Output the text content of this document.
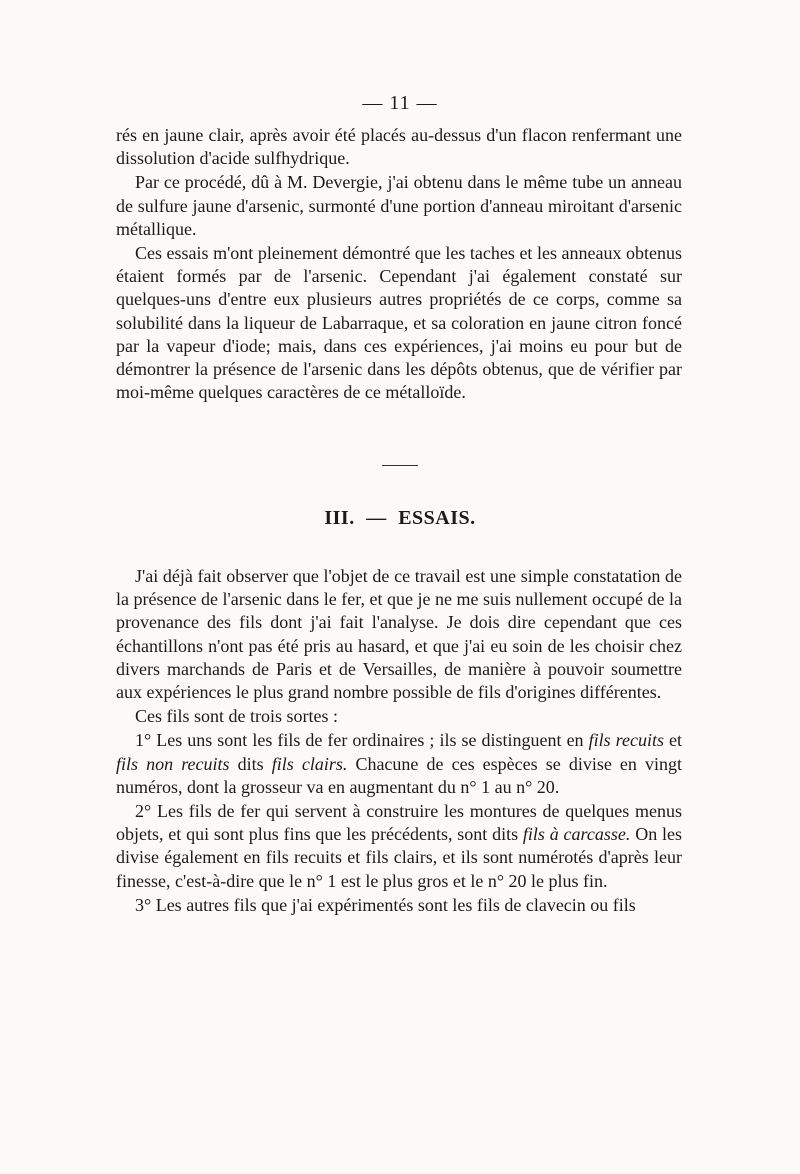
— 11 —

rés en jaune clair, après avoir été placés au-dessus d'un flacon renfermant une dissolution d'acide sulfhydrique.

Par ce procédé, dû à M. Devergie, j'ai obtenu dans le même tube un anneau de sulfure jaune d'arsenic, surmonté d'une portion d'anneau miroitant d'arsenic métallique.

Ces essais m'ont pleinement démontré que les taches et les anneaux obtenus étaient formés par de l'arsenic. Cependant j'ai également constaté sur quelques-uns d'entre eux plusieurs autres propriétés de ce corps, comme sa solubilité dans la liqueur de Labarraque, et sa coloration en jaune citron foncé par la vapeur d'iode; mais, dans ces expériences, j'ai moins eu pour but de démontrer la présence de l'arsenic dans les dépôts obtenus, que de vérifier par moi-même quelques caractères de ce métalloïde.

III. — ESSAIS.

J'ai déjà fait observer que l'objet de ce travail est une simple constatation de la présence de l'arsenic dans le fer, et que je ne me suis nullement occupé de la provenance des fils dont j'ai fait l'analyse. Je dois dire cependant que ces échantillons n'ont pas été pris au hasard, et que j'ai eu soin de les choisir chez divers marchands de Paris et de Versailles, de manière à pouvoir soumettre aux expériences le plus grand nombre possible de fils d'origines différentes.

Ces fils sont de trois sortes :

1° Les uns sont les fils de fer ordinaires ; ils se distinguent en fils recuits et fils non recuits dits fils clairs. Chacune de ces espèces se divise en vingt numéros, dont la grosseur va en augmentant du n° 1 au n° 20.

2° Les fils de fer qui servent à construire les montures de quelques menus objets, et qui sont plus fins que les précédents, sont dits fils à carcasse. On les divise également en fils recuits et fils clairs, et ils sont numérotés d'après leur finesse, c'est-à-dire que le n° 1 est le plus gros et le n° 20 le plus fin.

3° Les autres fils que j'ai expérimentés sont les fils de clavecin ou fils
